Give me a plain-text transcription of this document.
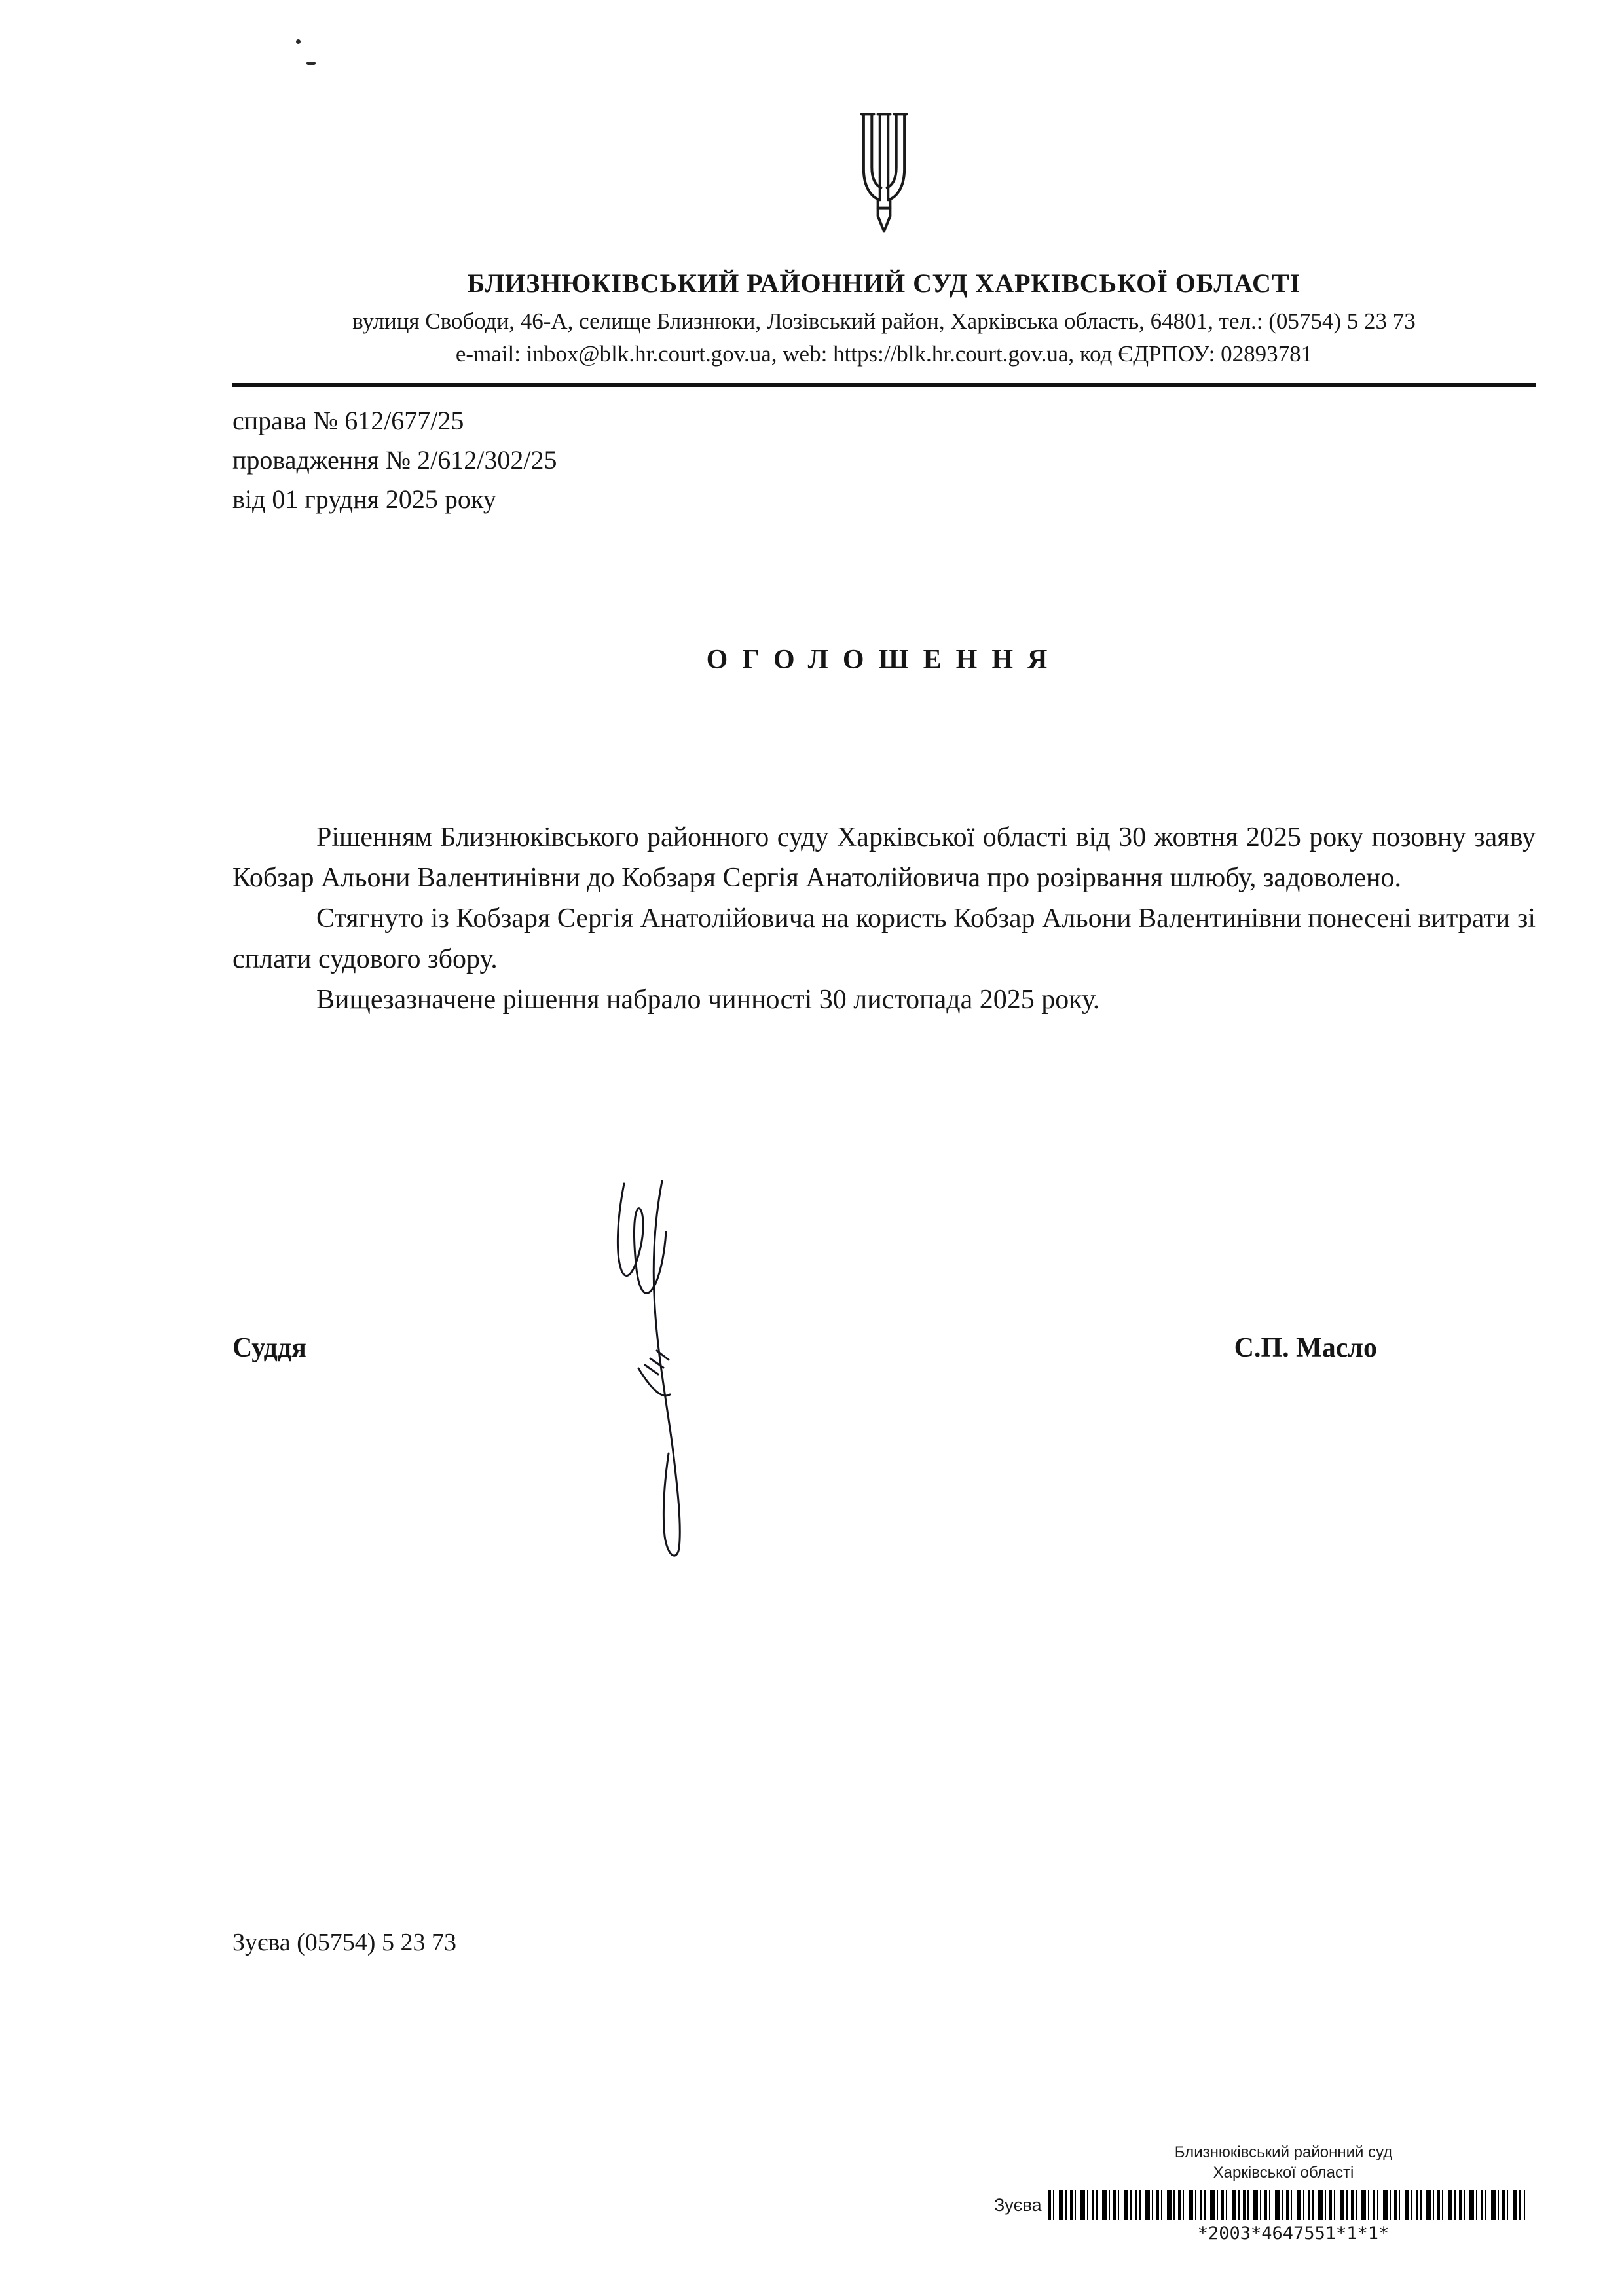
БЛИЗНЮКІВСЬКИЙ РАЙОННИЙ СУД ХАРКІВСЬКОЇ ОБЛАСТІ
вулиця Свободи, 46-А, селище Близнюки, Лозівський район, Харківська область, 64801, тел.: (05754) 5 23 73
e-mail: inbox@blk.hr.court.gov.ua, web: https://blk.hr.court.gov.ua, код ЄДРПОУ: 02893781
справа № 612/677/25
провадження № 2/612/302/25
від 01 грудня 2025 року
ОГОЛОШЕННЯ

Рішенням Близнюківського районного суду Харківської області від 30 жовтня 2025 року позовну заяву Кобзар Альони Валентинівни до Кобзаря Сергія Анатолійовича про розірвання шлюбу, задоволено.

Стягнуто із Кобзаря Сергія Анатолійовича на користь Кобзар Альони Валентинівни понесені витрати зі сплати судового збору.

Вищезазначене рішення набрало чинності 30 листопада 2025 року.

Суддя	С.П. Масло
Зуєва (05754) 5 23 73
Близнюківський районний суд
Харківської області
Зуєва
*2003*4647551*1*1*
